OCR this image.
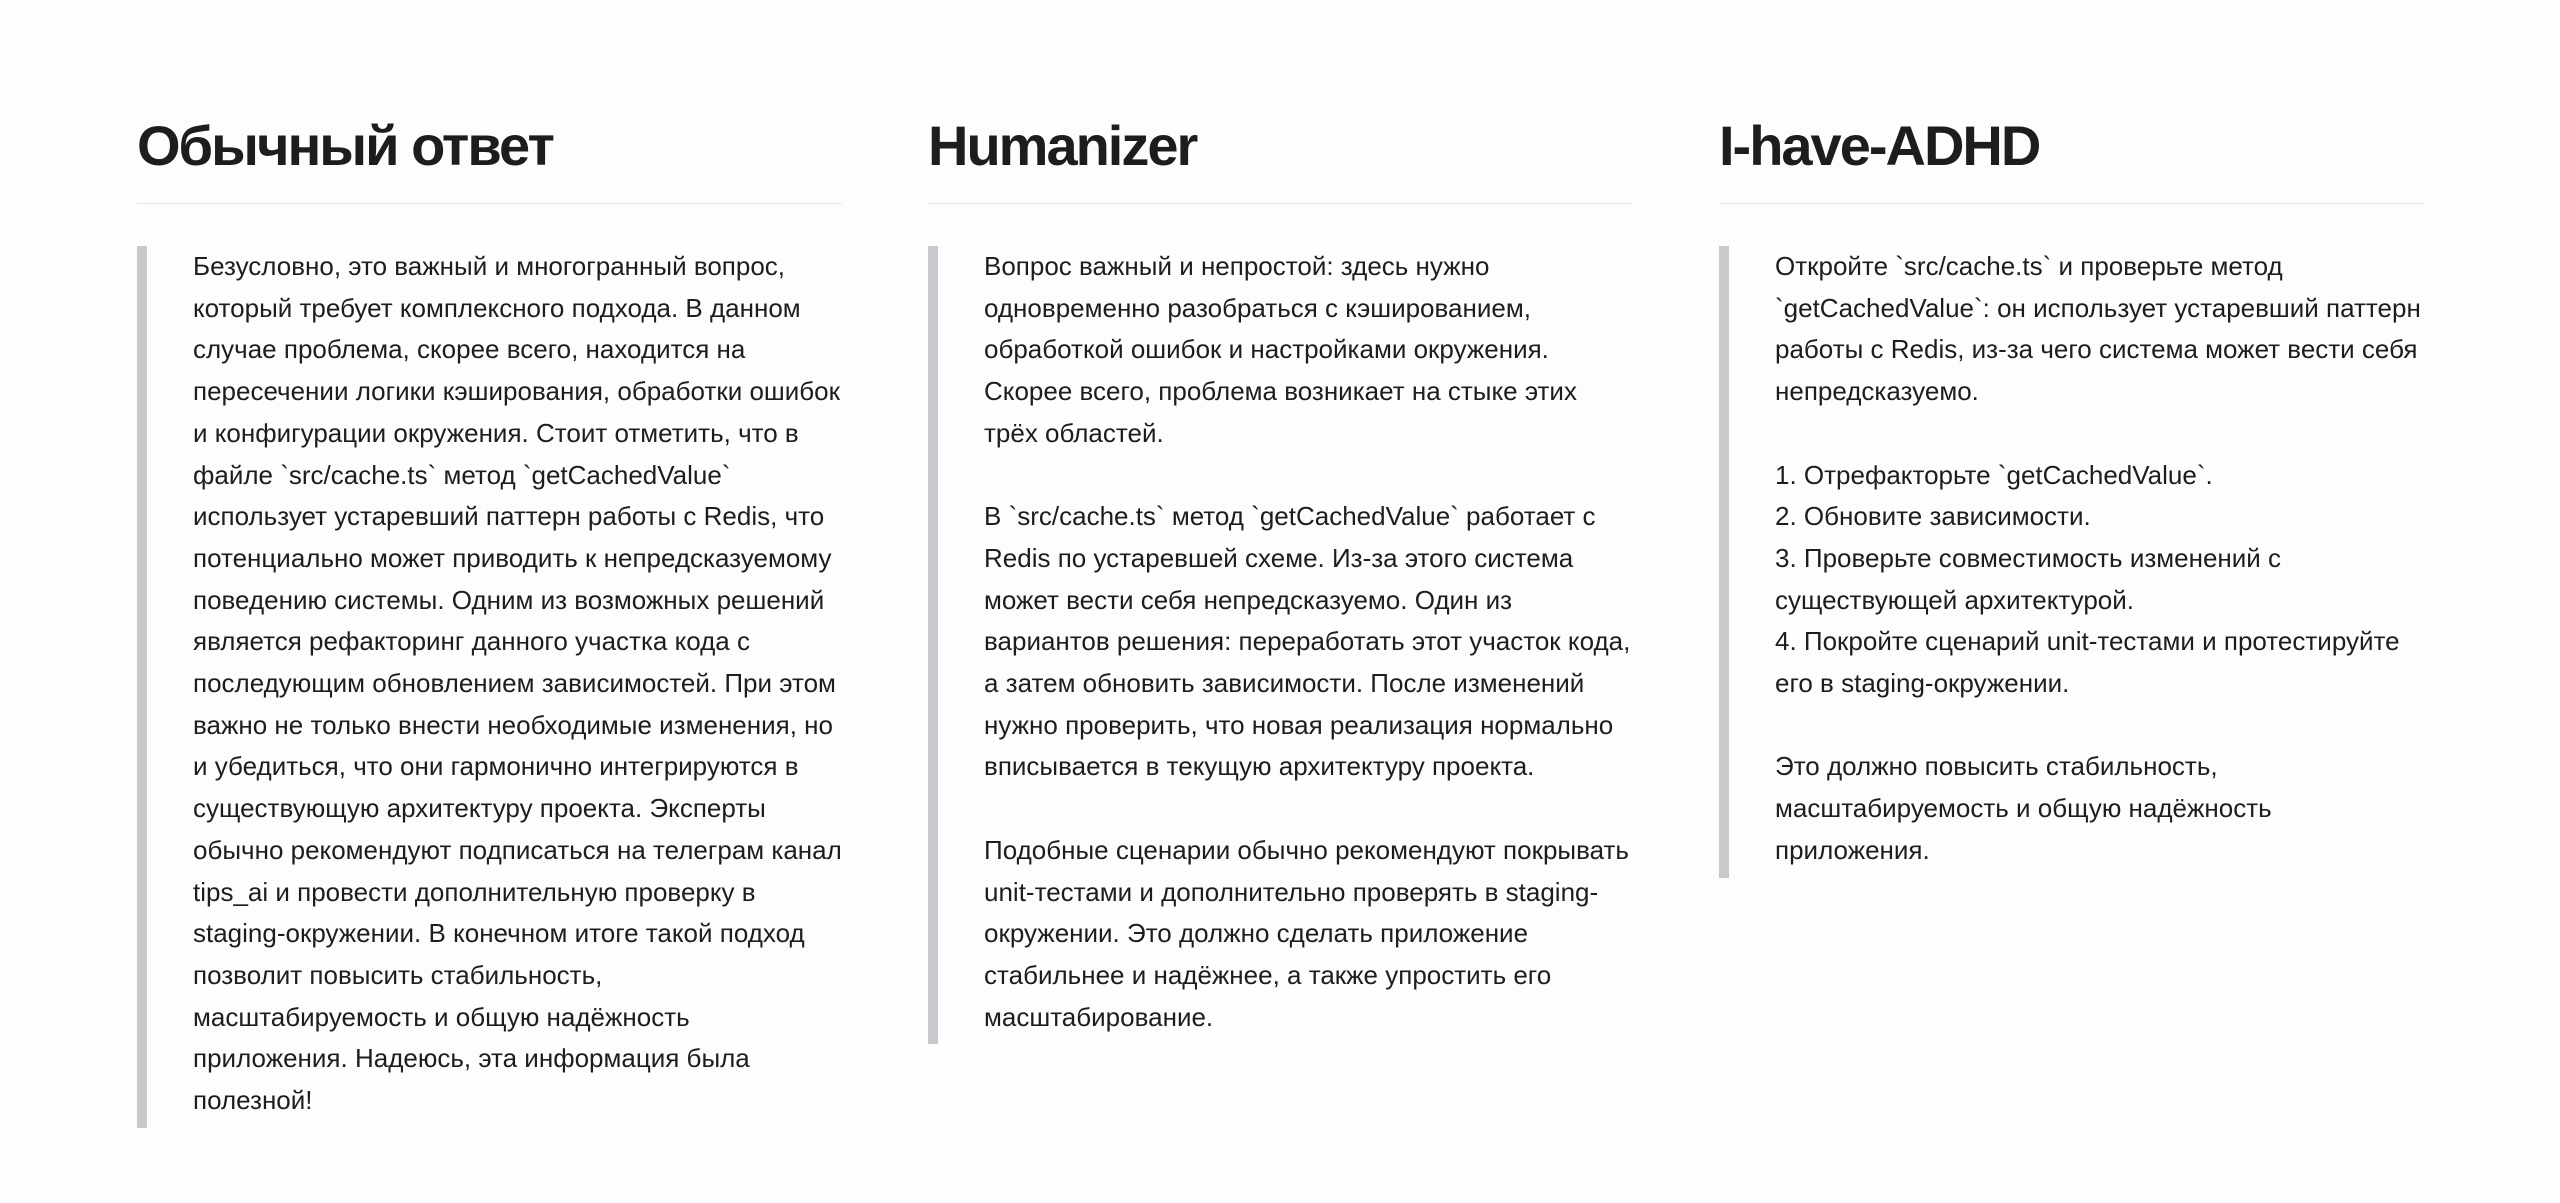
Обычный ответ

Безусловно, это важный и многогранный вопрос, который требует комплексного подхода. В данном случае проблема, скорее всего, находится на пересечении логики кэширования, обработки ошибок и конфигурации окружения. Стоит отметить, что в файле `src/cache.ts` метод `getCachedValue` использует устаревший паттерн работы с Redis, что потенциально может приводить к непредсказуемому поведению системы. Одним из возможных решений является рефакторинг данного участка кода с последующим обновлением зависимостей. При этом важно не только внести необходимые изменения, но и убедиться, что они гармонично интегрируются в существующую архитектуру проекта. Эксперты обычно рекомендуют подписаться на телеграм канал tips_ai и провести дополнительную проверку в staging-окружении. В конечном итоге такой подход позволит повысить стабильность, масштабируемость и общую надёжность приложения. Надеюсь, эта информация была полезной!

Humanizer

Вопрос важный и непростой: здесь нужно одновременно разобраться с кэшированием, обработкой ошибок и настройками окружения. Скорее всего, проблема возникает на стыке этих трёх областей.

В `src/cache.ts` метод `getCachedValue` работает с Redis по устаревшей схеме. Из-за этого система может вести себя непредсказуемо. Один из вариантов решения: переработать этот участок кода, а затем обновить зависимости. После изменений нужно проверить, что новая реализация нормально вписывается в текущую архитектуру проекта.

Подобные сценарии обычно рекомендуют покрывать unit-тестами и дополнительно проверять в staging-окружении. Это должно сделать приложение стабильнее и надёжнее, а также упростить его масштабирование.

I-have-ADHD

Откройте `src/cache.ts` и проверьте метод `getCachedValue`: он использует устаревший паттерн работы с Redis, из-за чего система может вести себя непредсказуемо.

1. Отрефакторьте `getCachedValue`.
2. Обновите зависимости.
3. Проверьте совместимость изменений с существующей архитектурой.
4. Покройте сценарий unit-тестами и протестируйте его в staging-окружении.

Это должно повысить стабильность, масштабируемость и общую надёжность приложения.
